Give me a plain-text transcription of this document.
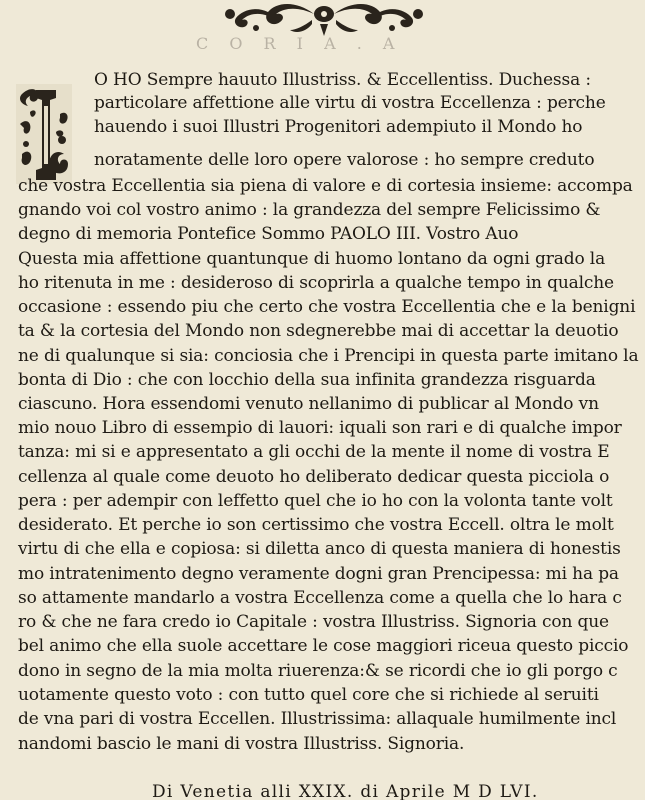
C O R I A . A
O HO Sempre hauuto Illustriss. & Eccellentiss. Duchessa :
particolare affettione alle virtu di vostra Eccellenza : perche
hauendo i suoi Illustri Progenitori adempiuto il Mondo ho
noratamente delle loro opere valorose : ho sempre creduto
che vostra Eccellentia sia piena di valore e di cortesia insieme: accompa
gnando voi col vostro animo : la grandezza del sempre Felicissimo &
degno di memoria Pontefice Sommo PAOLO III. Vostro Auo
Questa mia affettione quantunque di huomo lontano da ogni grado la
ho ritenuta in me : desideroso di scoprirla a qualche tempo in qualche
occasione : essendo piu che certo che vostra Eccellentia che e la benigni
ta & la cortesia del Mondo non sdegnerebbe mai di accettar la deuotio
ne di qualunque si sia: conciosia che i Prencipi in questa parte imitano la
bonta di Dio : che con locchio della sua infinita grandezza risguarda
ciascuno. Hora essendomi venuto nellanimo di publicar al Mondo vn
mio nouo Libro di essempio di lauori: iquali son rari e di qualche impor
tanza: mi si e appresentato a gli occhi de la mente il nome di vostra E
cellenza al quale come deuoto ho deliberato dedicar questa picciola o
pera : per adempir con leffetto quel che io ho con la volonta tante volt
desiderato. Et perche io son certissimo che vostra Eccell. oltra le molt
virtu di che ella e copiosa: si diletta anco di questa maniera di honestis
mo intratenimento degno veramente dogni gran Prencipessa: mi ha pa
so attamente mandarlo a vostra Eccellenza come a quella che lo hara c
ro & che ne fara credo io Capitale : vostra Illustriss. Signoria con que
bel animo che ella suole accettare le cose maggiori riceua questo piccio
dono in segno de la mia molta riuerenza:& se ricordi che io gli porgo c
uotamente questo voto : con tutto quel core che si richiede al seruiti
de vna pari di vostra Eccellen. Illustrissima: allaquale humilmente incl
nandomi bascio le mani di vostra Illustriss. Signoria.
Di Venetia alli XXIX. di Aprile M D LVI.
